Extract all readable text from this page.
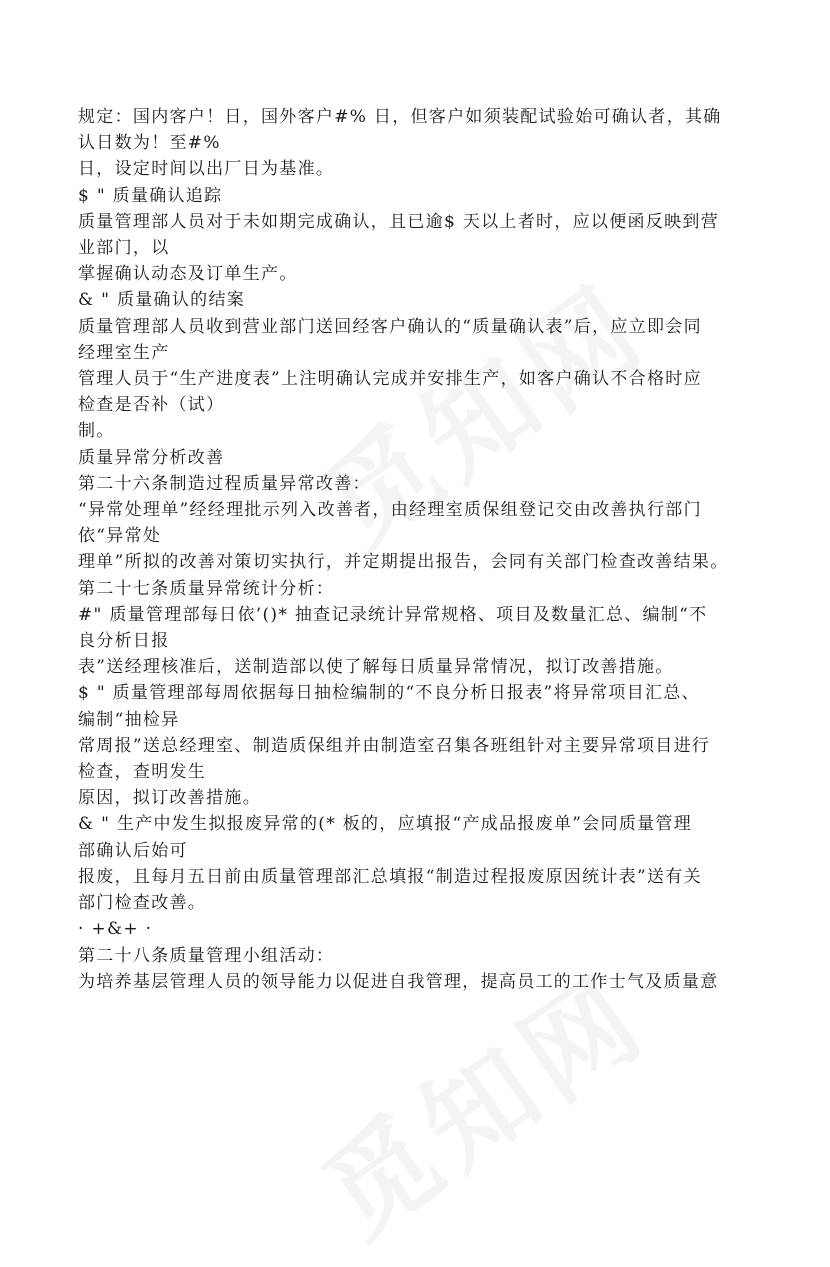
规定：国内客户！日，国外客户#% 日，但客户如须装配试验始可确认者，其确
认日数为！至#%
日，设定时间以出厂日为基准。
$ " 质量确认追踪
质量管理部人员对于未如期完成确认，且已逾$ 天以上者时，应以便函反映到营
业部门，以
掌握确认动态及订单生产。
& " 质量确认的结案
质量管理部人员收到营业部门送回经客户确认的“质量确认表”后，应立即会同
经理室生产
管理人员于“生产进度表”上注明确认完成并安排生产，如客户确认不合格时应
检查是否补（试）
制。
质量异常分析改善
第二十六条制造过程质量异常改善：
“异常处理单”经经理批示列入改善者，由经理室质保组登记交由改善执行部门
依“异常处
理单”所拟的改善对策切实执行，并定期提出报告，会同有关部门检查改善结果。
第二十七条质量异常统计分析：
#" 质量管理部每日依’()* 抽查记录统计异常规格、项目及数量汇总、编制“不
良分析日报
表”送经理核准后，送制造部以使了解每日质量异常情况，拟订改善措施。
$ " 质量管理部每周依据每日抽检编制的“不良分析日报表”将异常项目汇总、
编制“抽检异
常周报”送总经理室、制造质保组并由制造室召集各班组针对主要异常项目进行
检查，查明发生
原因，拟订改善措施。
& " 生产中发生拟报废异常的(* 板的，应填报“产成品报废单”会同质量管理
部确认后始可
报废，且每月五日前由质量管理部汇总填报“制造过程报废原因统计表”送有关
部门检查改善。
· +&+ ·
第二十八条质量管理小组活动：
为培养基层管理人员的领导能力以促进自我管理，提高员工的工作士气及质量意
